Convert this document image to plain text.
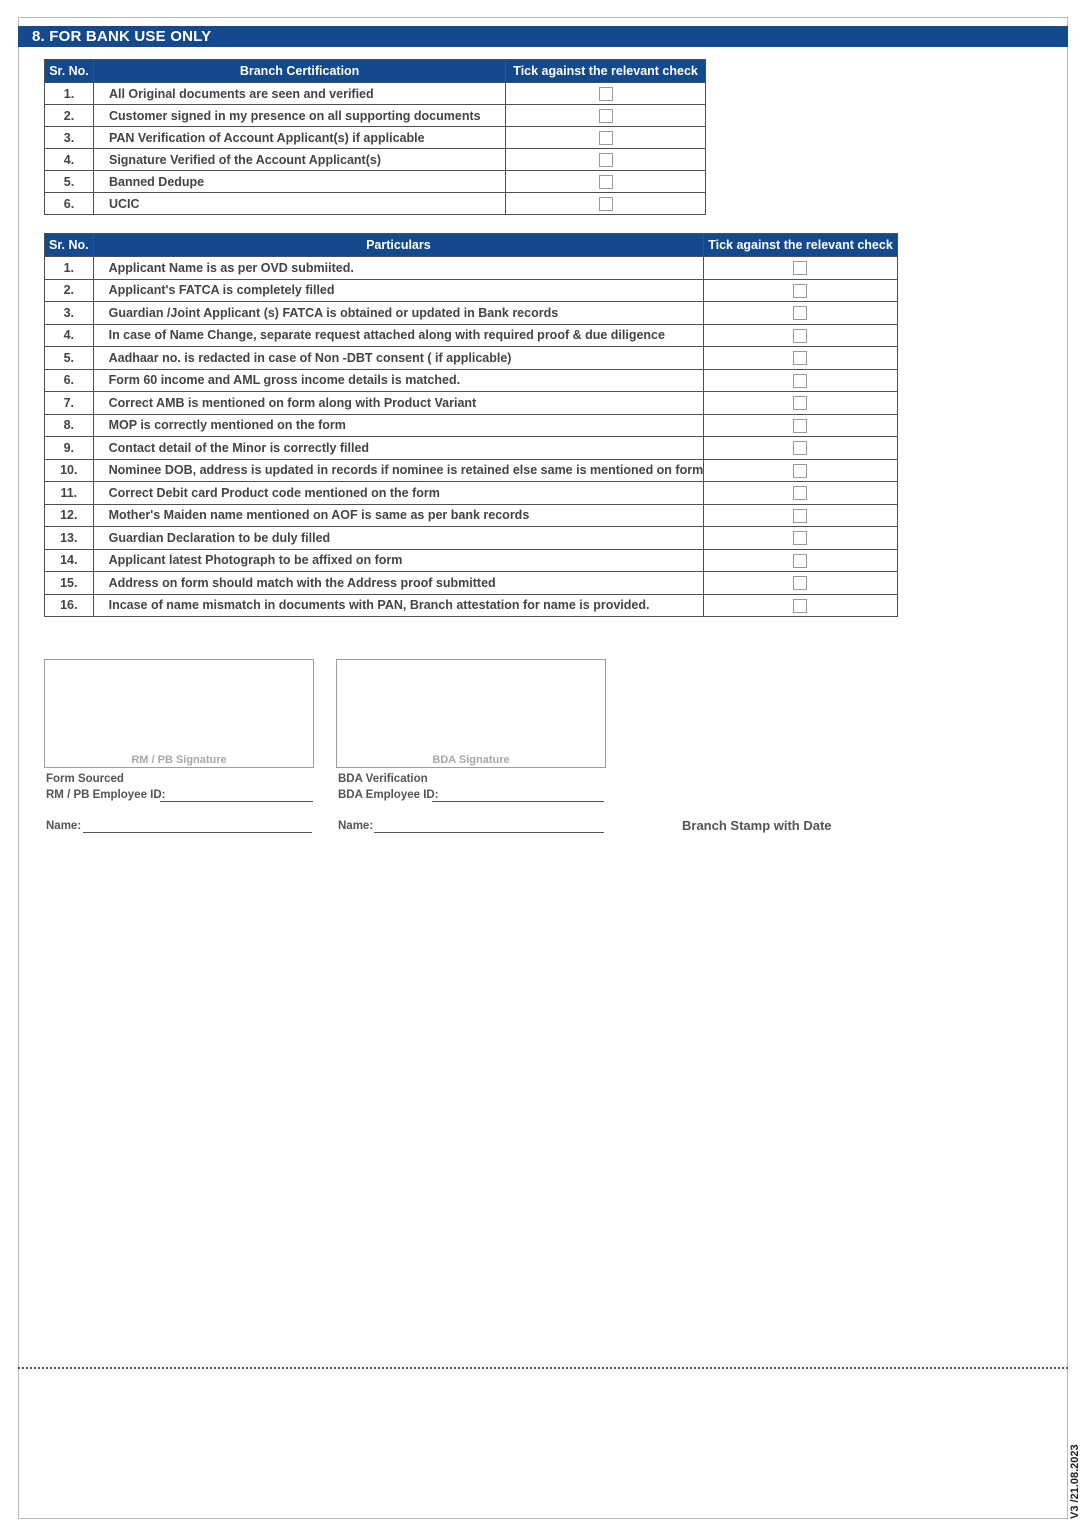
8. FOR BANK USE ONLY
Sr. No.	Branch Certification	Tick against the relevant check
1.	All Original documents are seen and verified	
2.	Customer signed in my presence on all supporting documents	
3.	PAN Verification of Account Applicant(s) if applicable	
4.	Signature Verified of the Account Applicant(s)	
5.	Banned Dedupe	
6.	UCIC	
Sr. No.	Particulars	Tick against the relevant check
1.	Applicant Name is as per OVD submiited.	
2.	Applicant's FATCA is completely filled	
3.	Guardian /Joint Applicant (s) FATCA is obtained or updated in Bank records	
4.	In case of Name Change, separate request attached along with required proof & due diligence	
5.	Aadhaar no. is redacted in case of Non -DBT consent ( if applicable)	
6.	Form 60 income and AML gross income details is matched.	
7.	Correct AMB is mentioned on form along with Product Variant	
8.	MOP is correctly mentioned on the form	
9.	Contact detail of the Minor is correctly filled	
10.	Nominee DOB, address is updated in records if nominee is retained else same is mentioned on form	
11.	Correct Debit card Product code mentioned on the form	
12.	Mother's Maiden name mentioned on AOF is same as per bank records	
13.	Guardian Declaration to be duly filled	
14.	Applicant latest Photograph to be affixed on form	
15.	Address on form should match with the Address proof submitted	
16.	Incase of name mismatch in documents with PAN, Branch attestation for name is provided.	
RM / PB Signature	BDA Signature
Form Sourced
RM / PB Employee ID:
BDA Verification
BDA Employee ID:
Name:	Name:	Branch Stamp with Date
V3 /21.08.2023
